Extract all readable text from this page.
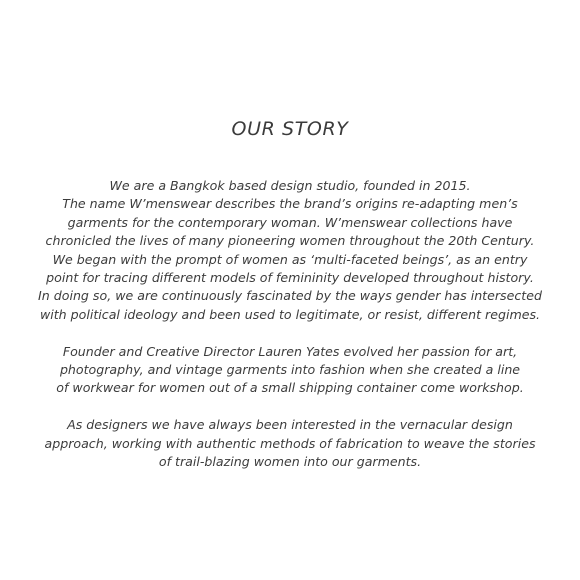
OUR STORY

We are a Bangkok based design studio, founded in 2015.
The name W’menswear describes the brand’s origins re-adapting men’s
garments for the contemporary woman. W’menswear collections have
chronicled the lives of many pioneering women throughout the 20th Century.
We began with the prompt of women as ‘multi-faceted beings’, as an entry
point for tracing different models of femininity developed throughout history.
In doing so, we are continuously fascinated by the ways gender has intersected
with political ideology and been used to legitimate, or resist, different regimes.

Founder and Creative Director Lauren Yates evolved her passion for art,
photography, and vintage garments into fashion when she created a line
of workwear for women out of a small shipping container come workshop.

As designers we have always been interested in the vernacular design
approach, working with authentic methods of fabrication to weave the stories
of trail-blazing women into our garments.
